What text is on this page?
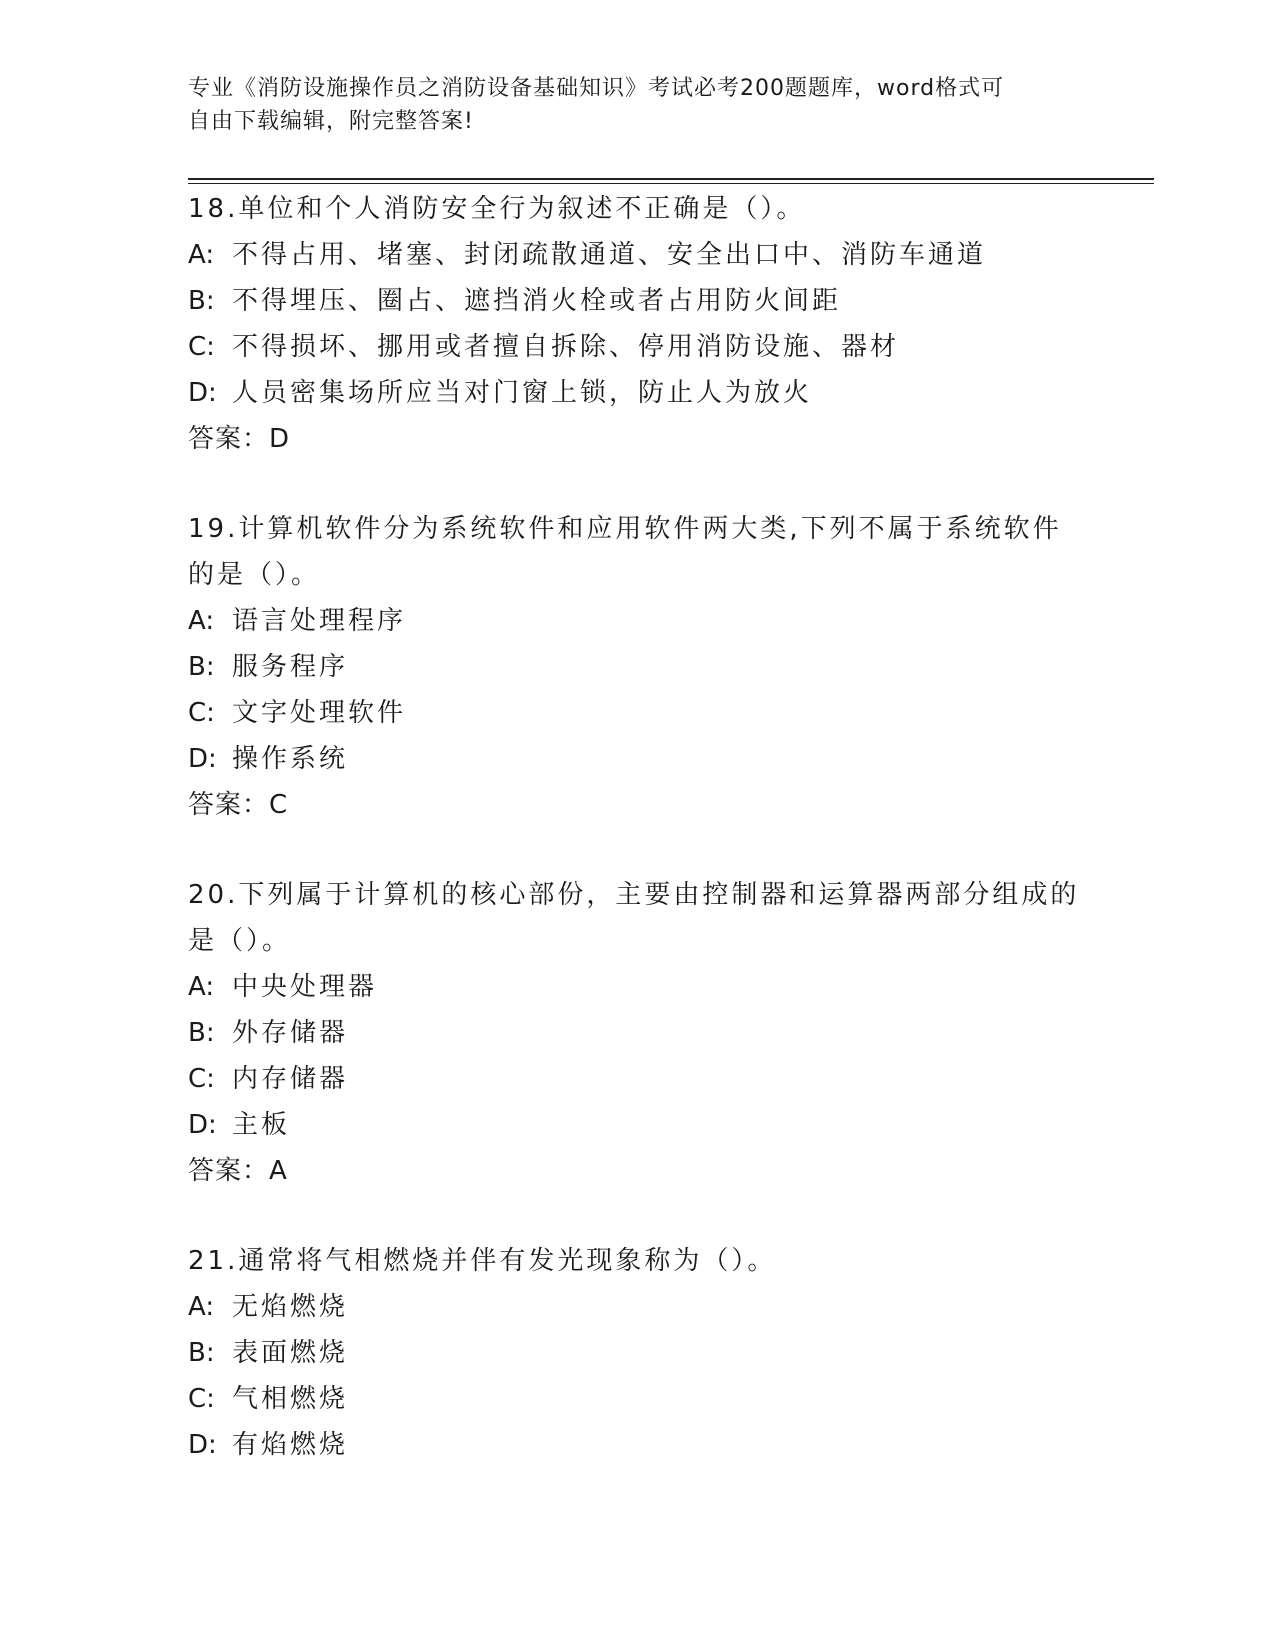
专业《消防设施操作员之消防设备基础知识》考试必考200题题库，word格式可
自由下载编辑，附完整答案!
18.单位和个人消防安全行为叙述不正确是（）。
A: 不得占用、堵塞、封闭疏散通道、安全出口中、消防车通道
B: 不得埋压、圈占、遮挡消火栓或者占用防火间距
C: 不得损坏、挪用或者擅自拆除、停用消防设施、器材
D: 人员密集场所应当对门窗上锁，防止人为放火
答案：D
19.计算机软件分为系统软件和应用软件两大类,下列不属于系统软件
的是（）。
A: 语言处理程序
B: 服务程序
C: 文字处理软件
D: 操作系统
答案：C
20.下列属于计算机的核心部份，主要由控制器和运算器两部分组成的
是（）。
A: 中央处理器
B: 外存储器
C: 内存储器
D: 主板
答案：A
21.通常将气相燃烧并伴有发光现象称为（）。
A: 无焰燃烧
B: 表面燃烧
C: 气相燃烧
D: 有焰燃烧
